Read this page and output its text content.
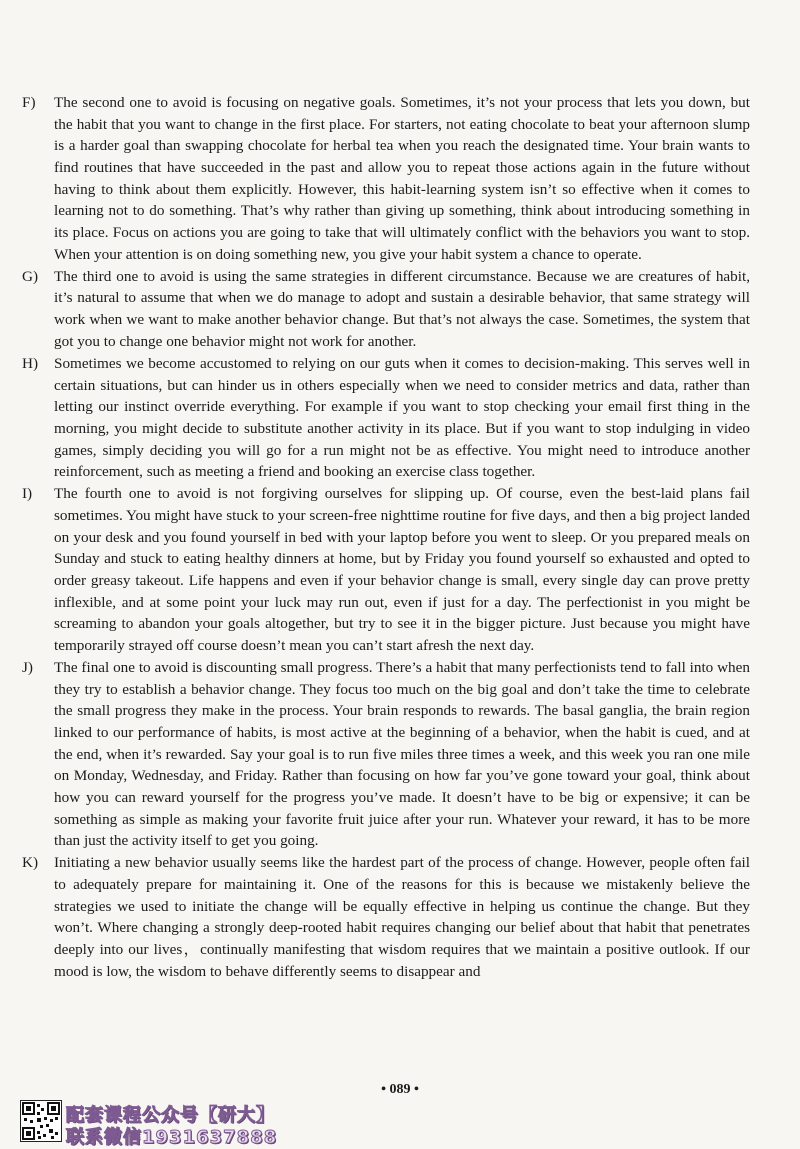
F) The second one to avoid is focusing on negative goals. Sometimes, it’s not your process that lets you down, but the habit that you want to change in the first place. For starters, not eating chocolate to beat your afternoon slump is a harder goal than swapping chocolate for herbal tea when you reach the designated time. Your brain wants to find routines that have succeeded in the past and allow you to repeat those actions again in the future without having to think about them explicitly. However, this habit-learning system isn’t so effective when it comes to learning not to do something. That’s why rather than giving up something, think about introducing something in its place. Focus on actions you are going to take that will ultimately conflict with the behaviors you want to stop. When your attention is on doing something new, you give your habit system a chance to operate.
G) The third one to avoid is using the same strategies in different circumstance. Because we are creatures of habit, it’s natural to assume that when we do manage to adopt and sustain a desirable behavior, that same strategy will work when we want to make another behavior change. But that’s not always the case. Sometimes, the system that got you to change one behavior might not work for another.
H) Sometimes we become accustomed to relying on our guts when it comes to decision-making. This serves well in certain situations, but can hinder us in others especially when we need to consider metrics and data, rather than letting our instinct override everything. For example if you want to stop checking your email first thing in the morning, you might decide to substitute another activity in its place. But if you want to stop indulging in video games, simply deciding you will go for a run might not be as effective. You might need to introduce another reinforcement, such as meeting a friend and booking an exercise class together.
I) The fourth one to avoid is not forgiving ourselves for slipping up. Of course, even the best-laid plans fail sometimes. You might have stuck to your screen-free nighttime routine for five days, and then a big project landed on your desk and you found yourself in bed with your laptop before you went to sleep. Or you prepared meals on Sunday and stuck to eating healthy dinners at home, but by Friday you found yourself so exhausted and opted to order greasy takeout. Life happens and even if your behavior change is small, every single day can prove pretty inflexible, and at some point your luck may run out, even if just for a day. The perfectionist in you might be screaming to abandon your goals altogether, but try to see it in the bigger picture. Just because you might have temporarily strayed off course doesn’t mean you can’t start afresh the next day.
J) The final one to avoid is discounting small progress. There’s a habit that many perfectionists tend to fall into when they try to establish a behavior change. They focus too much on the big goal and don’t take the time to celebrate the small progress they make in the process. Your brain responds to rewards. The basal ganglia, the brain region linked to our performance of habits, is most active at the beginning of a behavior, when the habit is cued, and at the end, when it’s rewarded. Say your goal is to run five miles three times a week, and this week you ran one mile on Monday, Wednesday, and Friday. Rather than focusing on how far you’ve gone toward your goal, think about how you can reward yourself for the progress you’ve made. It doesn’t have to be big or expensive; it can be something as simple as making your favorite fruit juice after your run. Whatever your reward, it has to be more than just the activity itself to get you going.
K) Initiating a new behavior usually seems like the hardest part of the process of change. However, people often fail to adequately prepare for maintaining it. One of the reasons for this is because we mistakenly believe the strategies we used to initiate the change will be equally effective in helping us continue the change. But they won’t. Where changing a strongly deep-rooted habit requires changing our belief about that habit that penetrates deeply into our lives，continually manifesting that wisdom requires that we maintain a positive outlook. If our mood is low, the wisdom to behave differently seems to disappear and
• 089 •
配套课程公众号【研大】
联系微信1931637888
